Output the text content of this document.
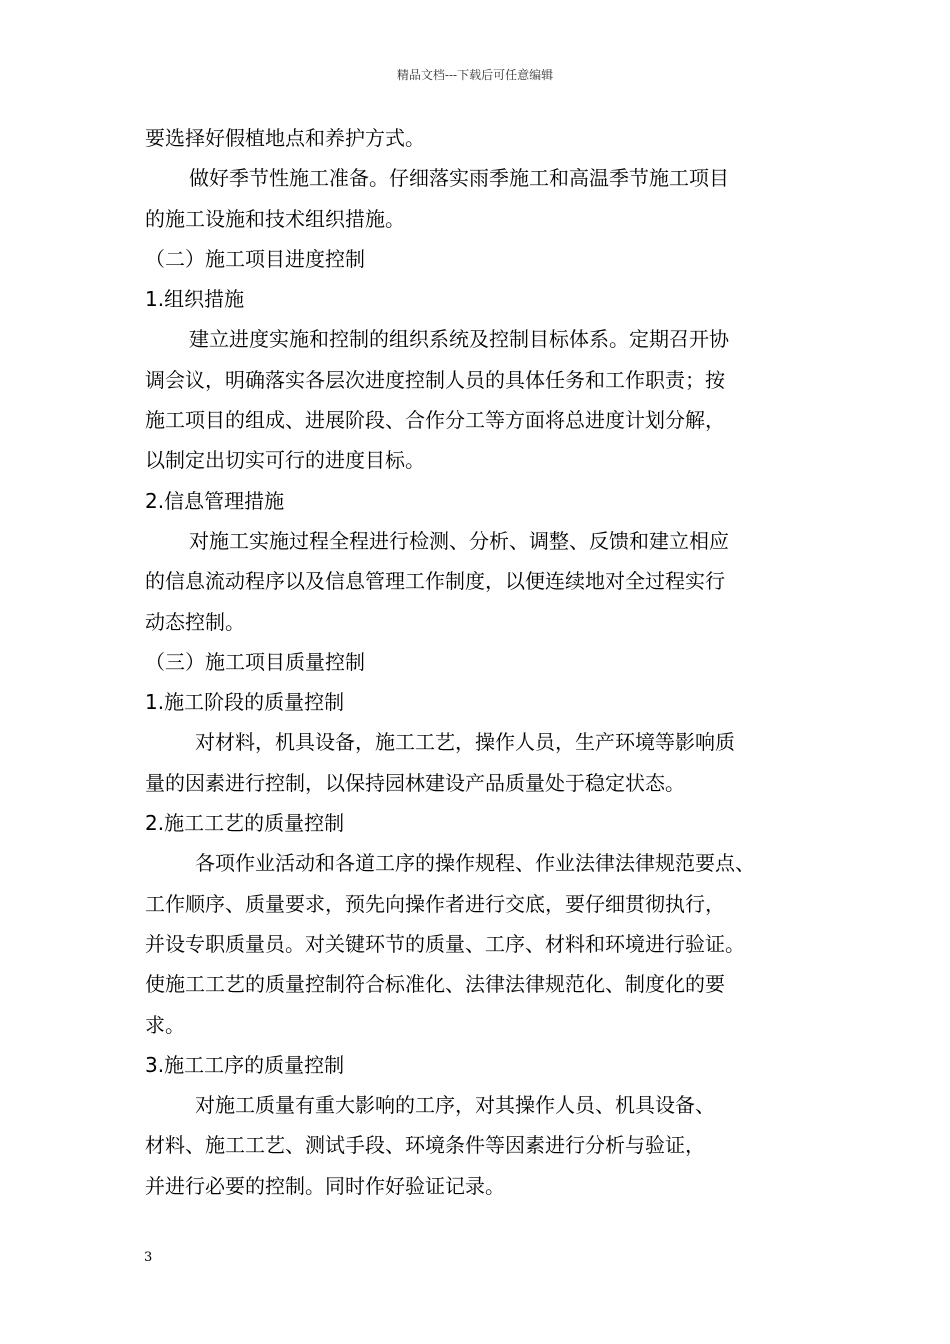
精品文档---下载后可任意编辑
要选择好假植地点和养护方式。
做好季节性施工准备。仔细落实雨季施工和高温季节施工项目
的施工设施和技术组织措施。
（二）施工项目进度控制
1.组织措施
建立进度实施和控制的组织系统及控制目标体系。定期召开协
调会议，明确落实各层次进度控制人员的具体任务和工作职责；按
施工项目的组成、进展阶段、合作分工等方面将总进度计划分解，
以制定出切实可行的进度目标。
2.信息管理措施
对施工实施过程全程进行检测、分析、调整、反馈和建立相应
的信息流动程序以及信息管理工作制度，以便连续地对全过程实行
动态控制。
（三）施工项目质量控制
1.施工阶段的质量控制
对材料，机具设备，施工工艺，操作人员，生产环境等影响质
量的因素进行控制，以保持园林建设产品质量处于稳定状态。
2.施工工艺的质量控制
各项作业活动和各道工序的操作规程、作业法律法律规范要点、
工作顺序、质量要求，预先向操作者进行交底，要仔细贯彻执行，
并设专职质量员。对关键环节的质量、工序、材料和环境进行验证。
使施工工艺的质量控制符合标准化、法律法律规范化、制度化的要
求。
3.施工工序的质量控制
对施工质量有重大影响的工序，对其操作人员、机具设备、
材料、施工工艺、测试手段、环境条件等因素进行分析与验证，
并进行必要的控制。同时作好验证记录。
3
